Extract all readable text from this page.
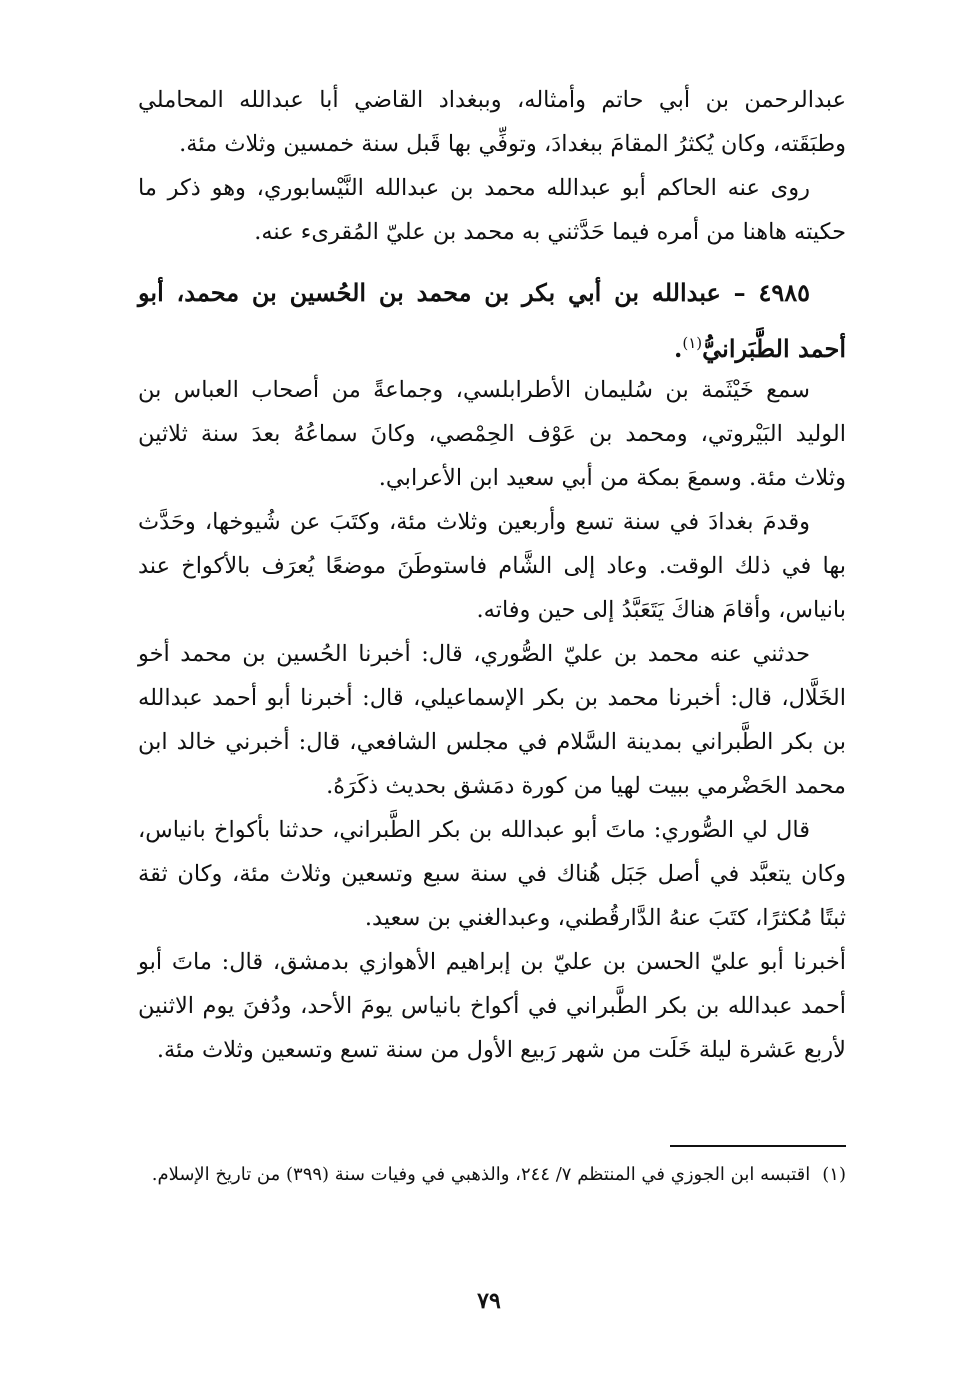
عبدالرحمن بن أبي حاتم وأمثاله، وببغداد القاضي أبا عبدالله المحاملي وطبَقَته، وكان يُكثرُ المقامَ ببغدادَ، وتوفِّي بها قَبل سنة خمسين وثلاث مئة.

روى عنه الحاكم أبو عبدالله محمد بن عبدالله النَّيْسابوري، وهو ذكر ما حكيته هاهنا من أمره فيما حَدَّثني به محمد بن عليّ المُقرىء عنه.

٤٩٨٥ – عبدالله بن أبي بكر بن محمد بن الحُسين بن محمد، أبو أحمد الطَّبَرانيُّ$^{(١)}$.

سمع خَيْثَمة بن سُليمان الأطرابلسي، وجماعةً من أصحاب العباس بن الوليد البَيْروتي، ومحمد بن عَوْف الحِمْصي، وكانَ سماعُهُ بعدَ سنة ثلاثين وثلاث مئة. وسمعَ بمكة من أبي سعيد ابن الأعرابي.

وقدمَ بغدادَ في سنة تسع وأربعين وثلاث مئة، وكتَبَ عن شُيوخها، وحَدَّث بها في ذلك الوقت. وعاد إلى الشَّام فاستوطَنَ موضعًا يُعرَف بالأكواخ عند بانياس، وأقامَ هناكَ يَتَعَبَّدُ إلى حين وفاته.

حدثني عنه محمد بن عليّ الصُّوري، قال: أخبرنا الحُسين بن محمد أخو الخَلَّال، قال: أخبرنا محمد بن بكر الإسماعيلي، قال: أخبرنا أبو أحمد عبدالله بن بكر الطَّبراني بمدينة السَّلام في مجلس الشافعي، قال: أخبرني خالد ابن محمد الحَضْرمي ببيت لهيا من كورة دمَشق بحديث ذكَرَهُ.

قال لي الصُّوري: ماتَ أبو عبدالله بن بكر الطَّبراني، حدثنا بأكواخ بانياس، وكان يتعبَّد في أصل جَبَل هُناك في سنة سبع وتسعين وثلاث مئة، وكان ثقة ثبتًا مُكثرًا، كتَبَ عنهُ الدَّارقُطني، وعبدالغني بن سعيد.

أخبرنا أبو عليّ الحسن بن عليّ بن إبراهيم الأهوازي بدمشق، قال: ماتَ أبو أحمد عبدالله بن بكر الطَّبراني في أكواخ بانياس يومَ الأحد، ودُفنَ يوم الاثنين لأربع عَشرة ليلة خَلَت من شهر رَبيع الأول من سنة تسع وتسعين وثلاث مئة.

(١)اقتبسه ابن الجوزي في المنتظم ٧/ ٢٤٤، والذهبي في وفيات سنة (٣٩٩) من تاريخ الإسلام.
٧٩
